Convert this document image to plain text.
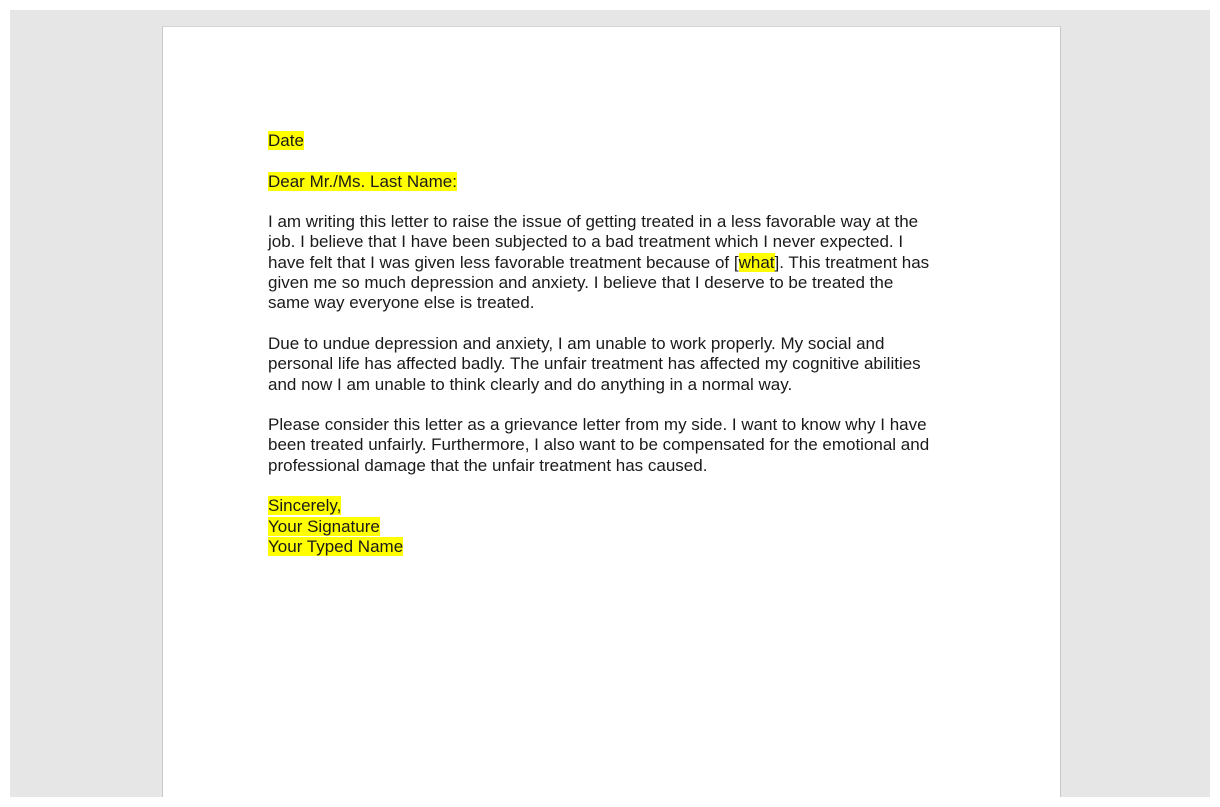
Date

Dear Mr./Ms. Last Name:

I am writing this letter to raise the issue of getting treated in a less favorable way at the
job. I believe that I have been subjected to a bad treatment which I never expected. I
have felt that I was given less favorable treatment because of [what]. This treatment has
given me so much depression and anxiety. I believe that I deserve to be treated the
same way everyone else is treated.

Due to undue depression and anxiety, I am unable to work properly. My social and
personal life has affected badly. The unfair treatment has affected my cognitive abilities
and now I am unable to think clearly and do anything in a normal way.

Please consider this letter as a grievance letter from my side. I want to know why I have
been treated unfairly. Furthermore, I also want to be compensated for the emotional and
professional damage that the unfair treatment has caused.

Sincerely,
Your Signature
Your Typed Name
